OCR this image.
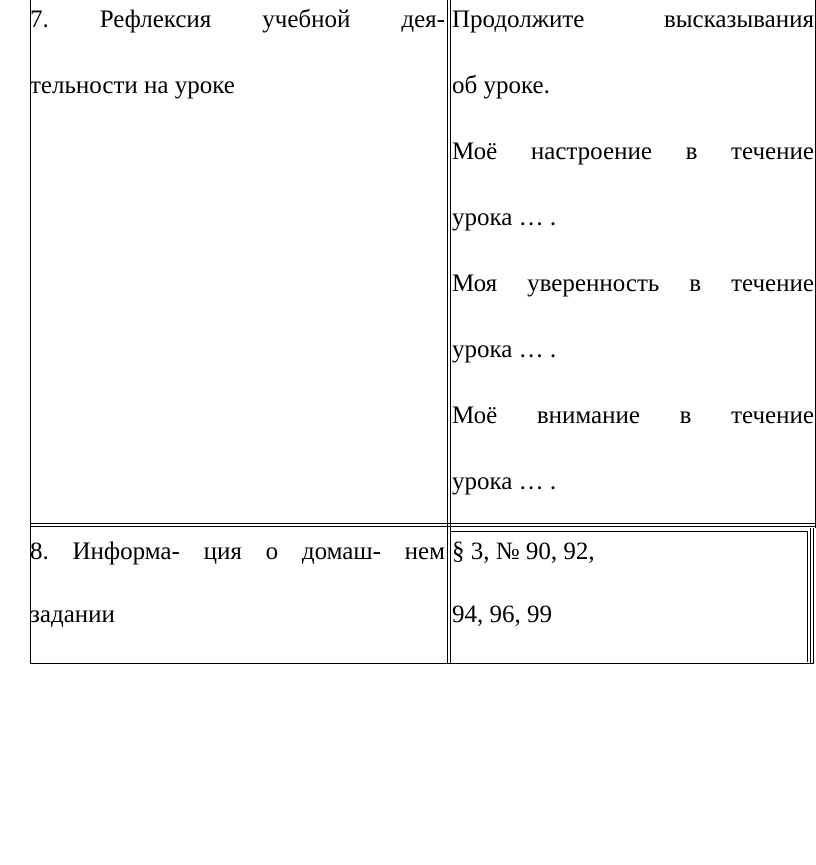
7. Рефлексия учебной дея-
тельности на уроке
Продолжите	высказывания
об уроке.
Моё настроение в течение
урока … .
Моя уверенность в течение
урока … .
Моё внимание в течение
урока … .
8. Информа- ция о домаш- нем
задании
§ 3, № 90, 92,
94, 96, 99
